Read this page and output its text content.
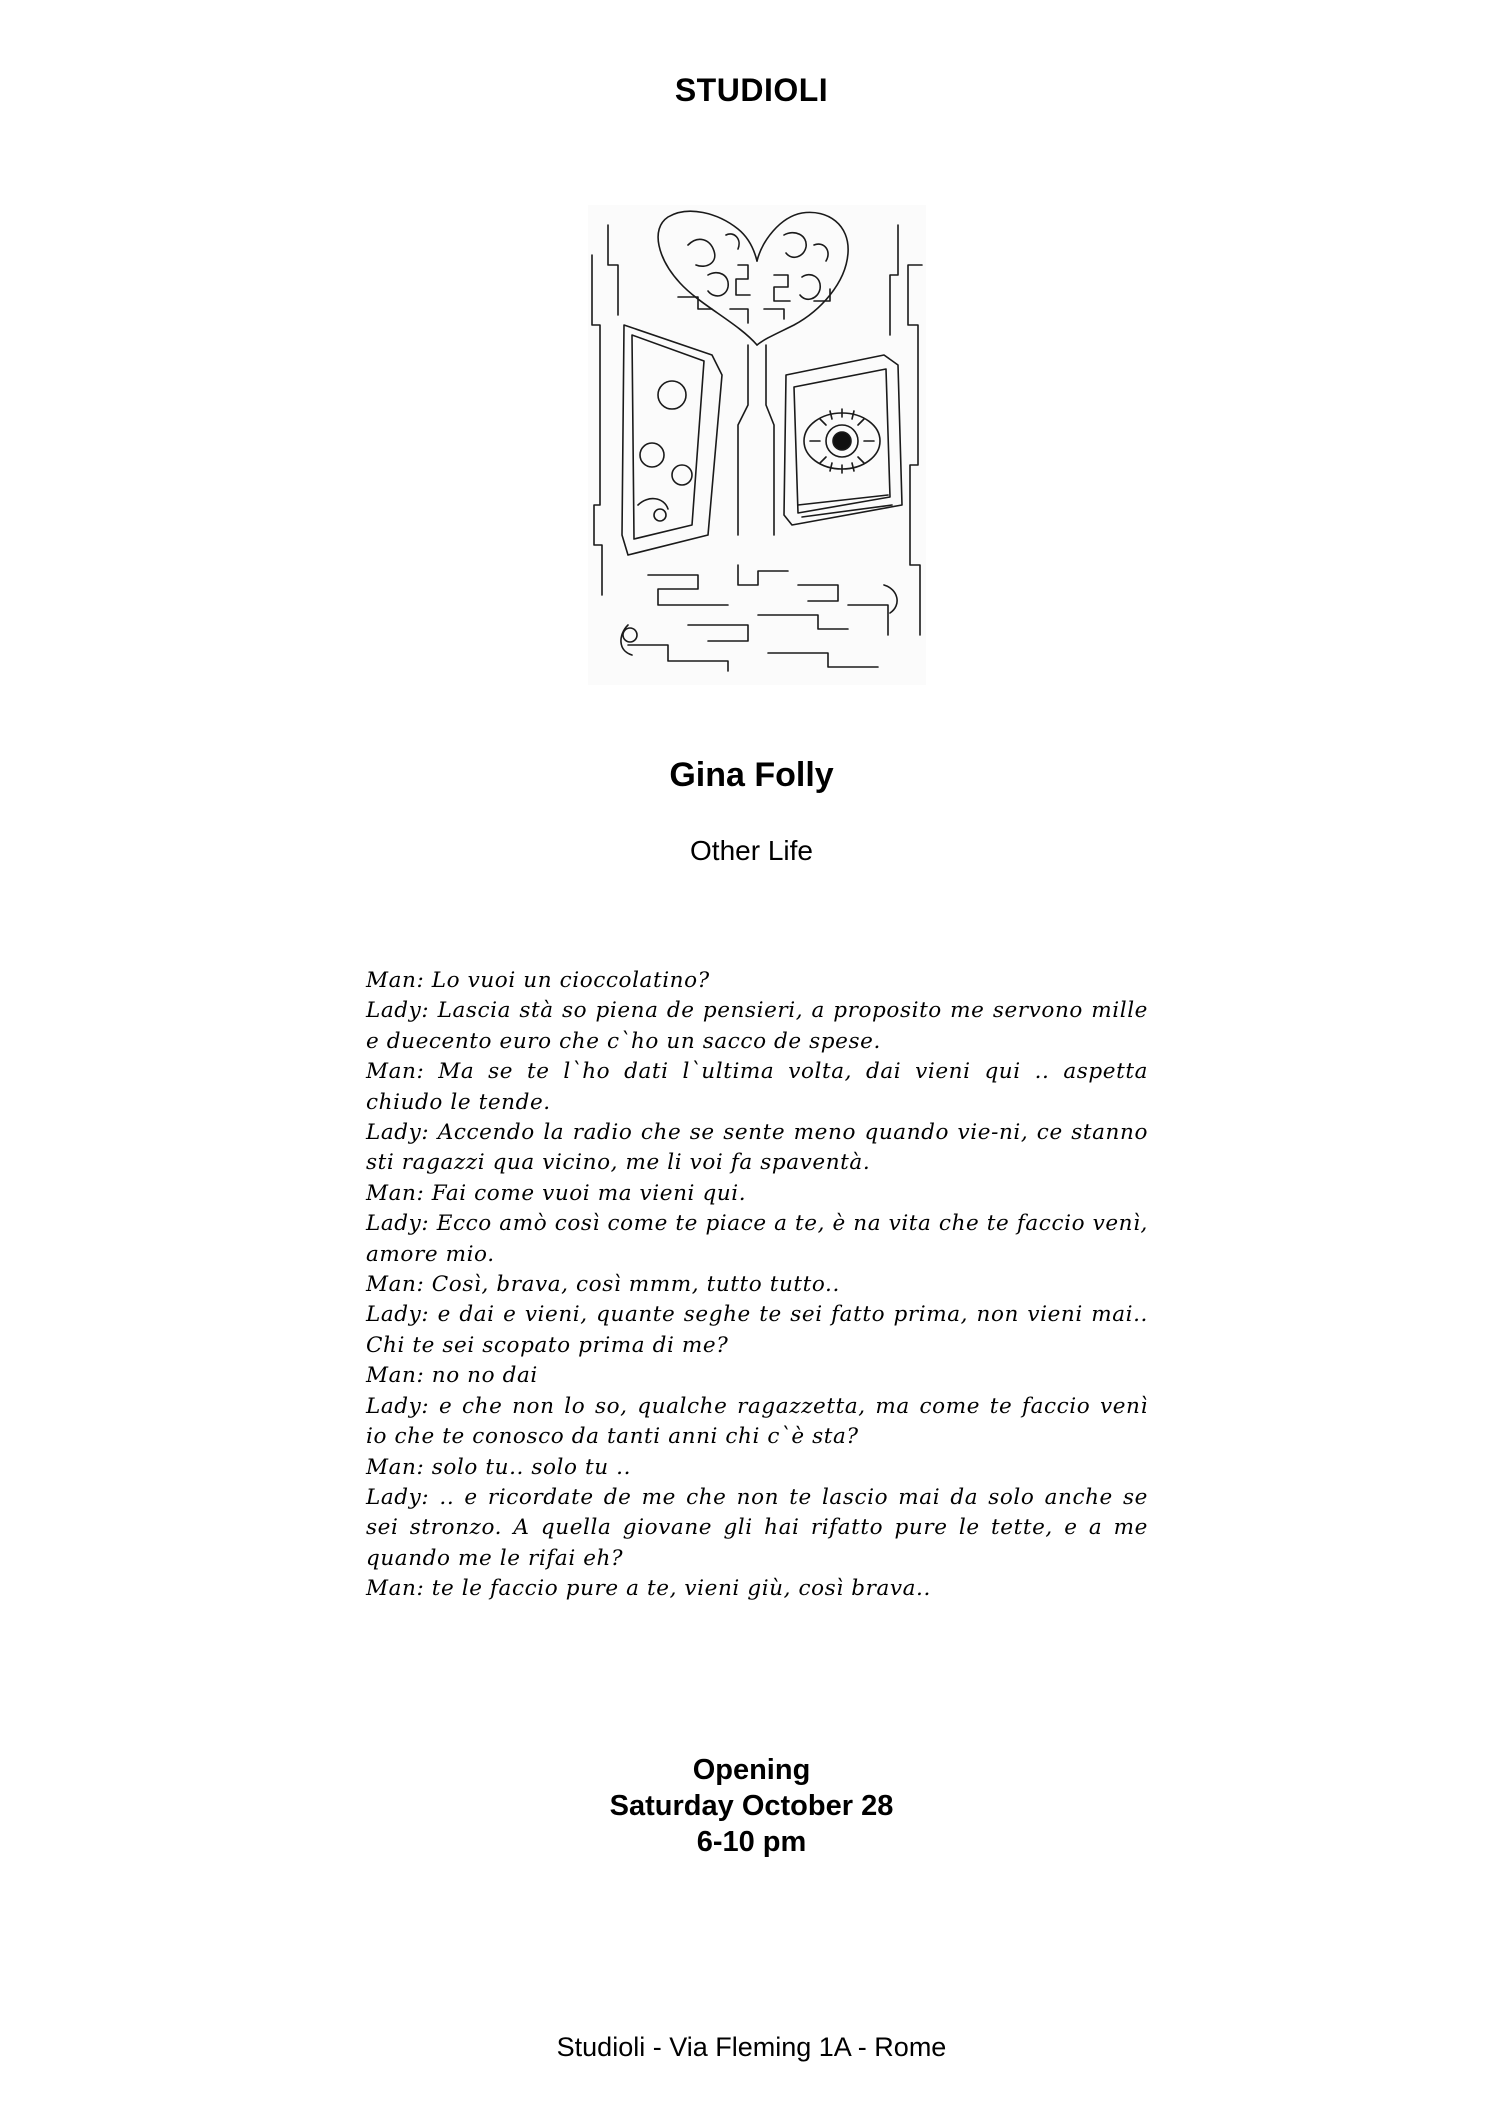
STUDIOLI
Gina Folly
Other Life

Man: Lo vuoi un cioccolatino?

Lady: Lascia stà so piena de pensieri, a proposito me servono mille e duecento euro che c`ho un sacco de spese.

Man: Ma se te l`ho dati l`ultima volta, dai vieni qui .. aspetta chiudo le tende.

Lady: Accendo la radio che se sente meno quando vie-ni, ce stanno sti ragazzi qua vicino, me li voi fa spaventà.

Man: Fai come vuoi ma vieni qui.

Lady: Ecco amò così come te piace a te, è na vita che te faccio venì, amore mio.

Man: Così, brava, così mmm, tutto tutto..

Lady: e dai e vieni, quante seghe te sei fatto prima, non vieni mai.. Chi te sei scopato prima di me?

Man: no no dai

Lady: e che non lo so, qualche ragazzetta, ma come te faccio venì io che te conosco da tanti anni chi c`è sta?

Man: solo tu.. solo tu ..

Lady: .. e ricordate de me che non te lascio mai da solo anche se sei stronzo. A quella giovane gli hai rifatto pure le tette, e a me quando me le rifai eh?

Man: te le faccio pure a te, vieni giù, così brava..

Opening
Saturday October 28
6-10 pm
Studioli - Via Fleming 1A - Rome
